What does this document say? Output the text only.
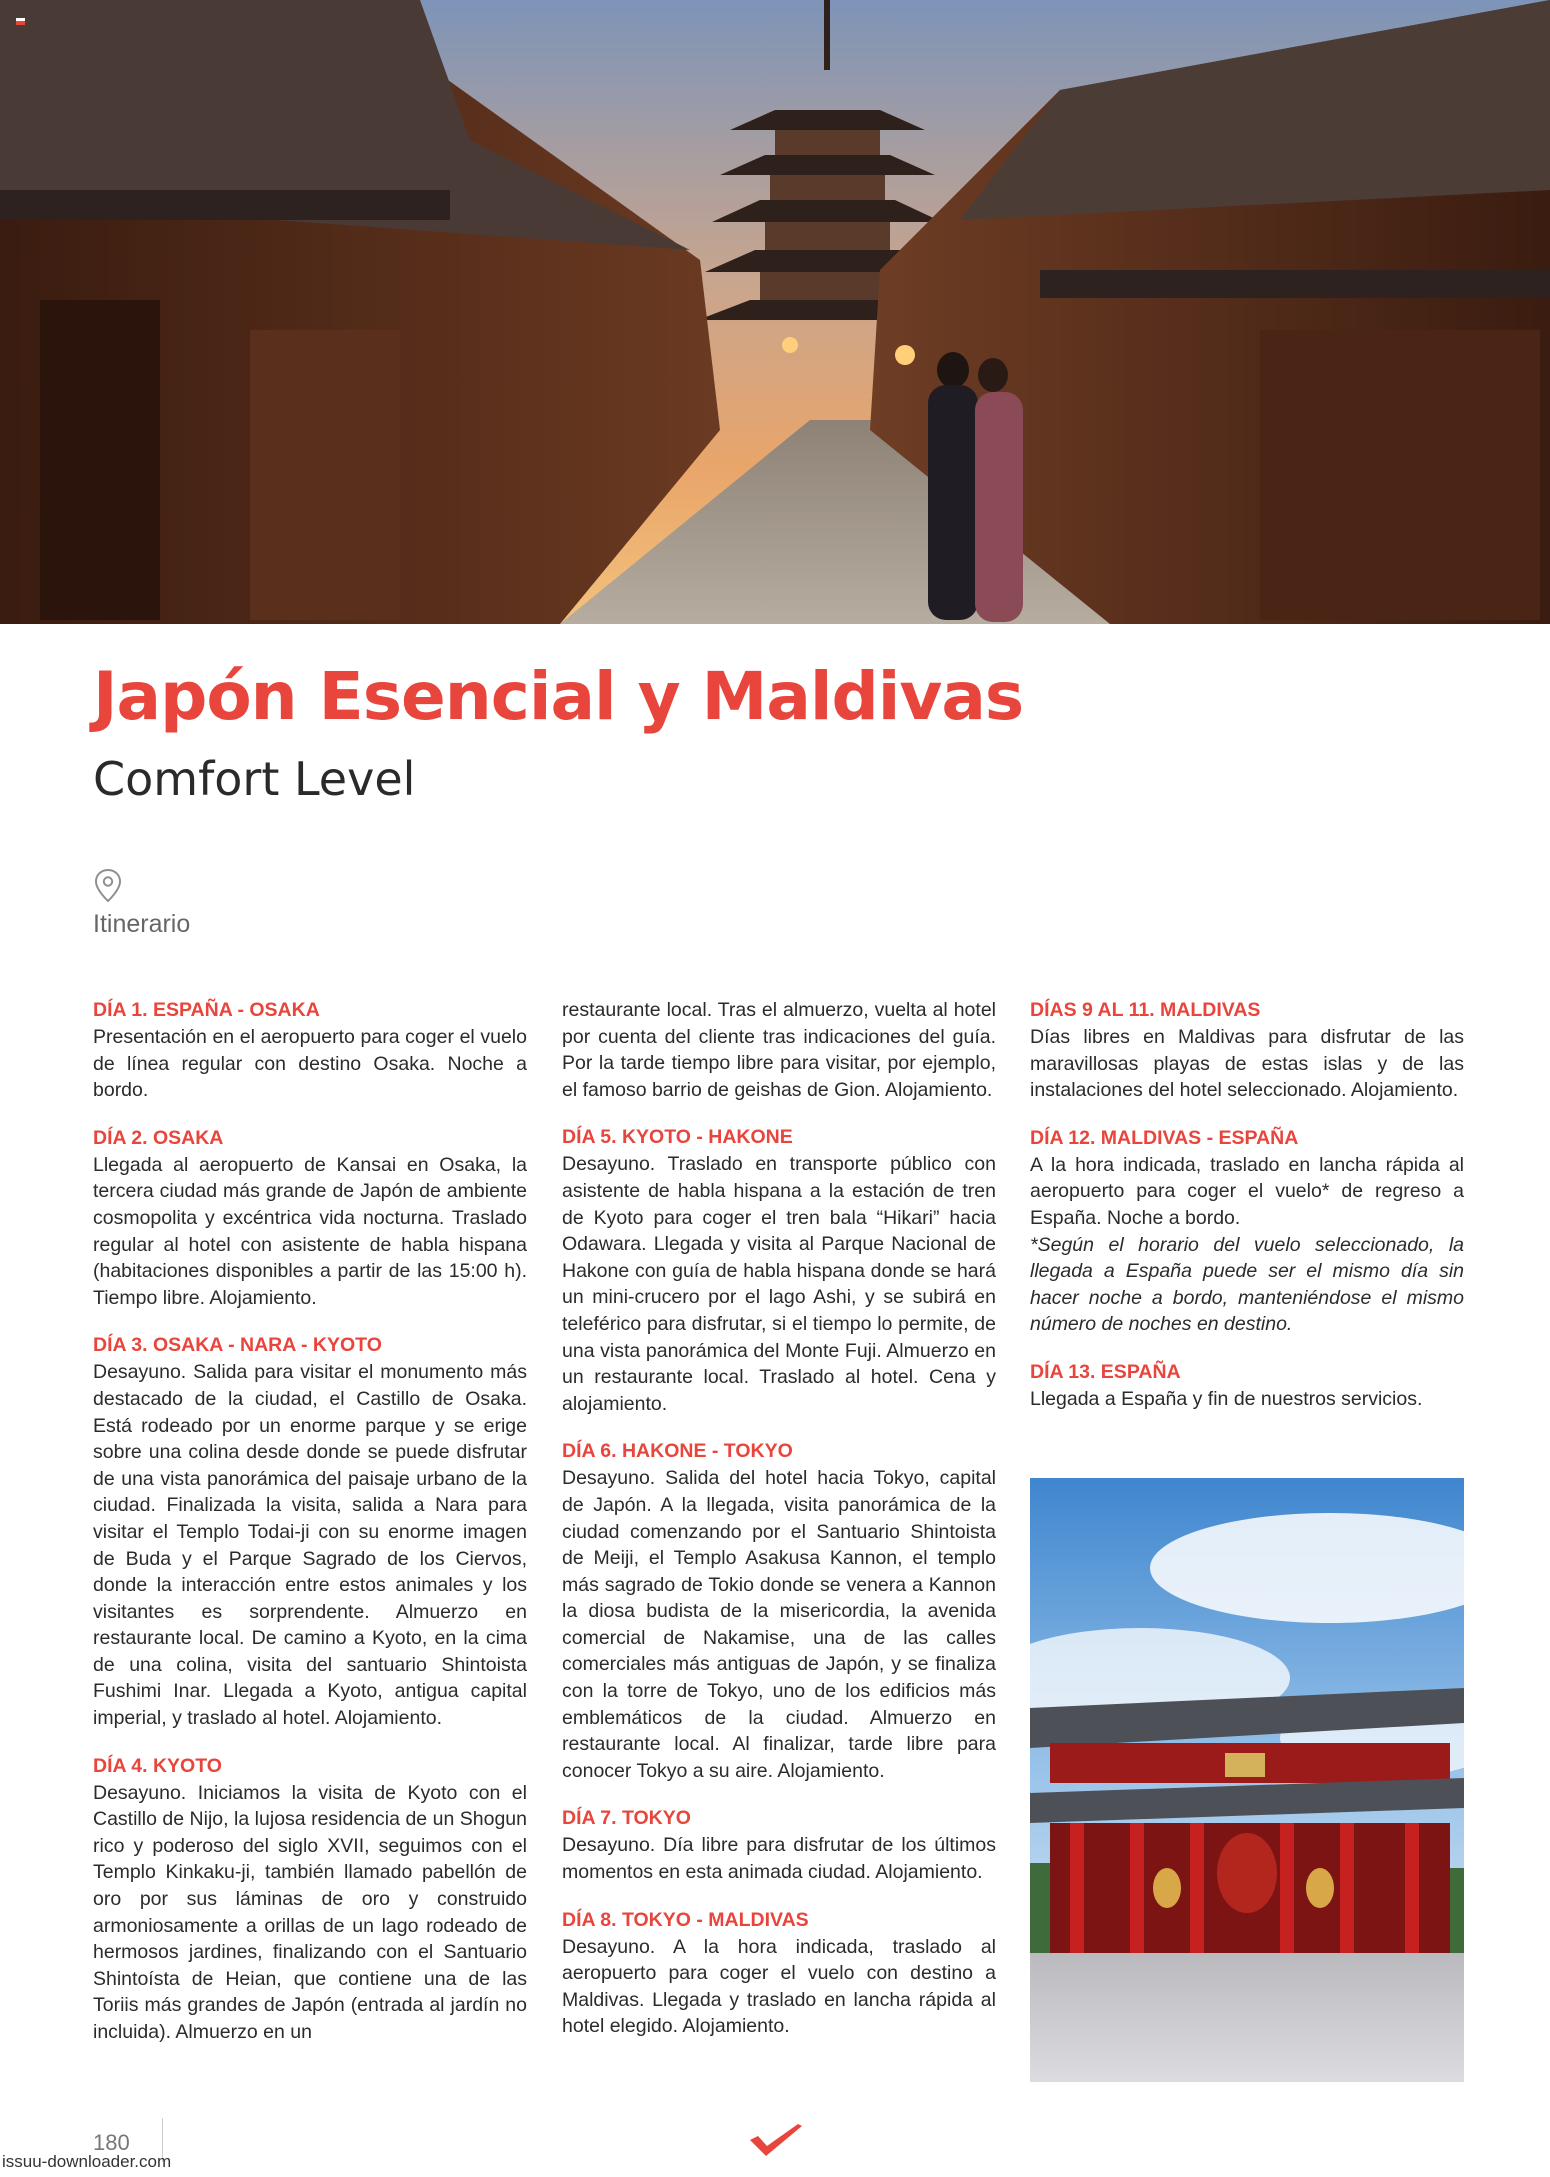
Japón Esencial y Maldivas
Comfort Level
Itinerario
DÍA 1. ESPAÑA - OSAKA
Presentación en el aeropuerto para coger el vuelo de línea regular con destino Osaka. Noche a bordo.
DÍA 2. OSAKA
Llegada al aeropuerto de Kansai en Osaka, la tercera ciudad más grande de Japón de ambiente cosmopolita y excéntrica vida nocturna. Traslado regular al hotel con asistente de habla hispana (habitaciones disponibles a partir de las 15:00 h). Tiempo libre. Alojamiento.
DÍA 3. OSAKA - NARA - KYOTO
Desayuno. Salida para visitar el monumento más destacado de la ciudad, el Castillo de Osaka. Está rodeado por un enorme parque y se erige sobre una colina desde donde se puede disfrutar de una vista panorámica del paisaje urbano de la ciudad. Finalizada la visita, salida a Nara para visitar el Templo Todai-ji con su enorme imagen de Buda y el Parque Sagrado de los Ciervos, donde la interacción entre estos animales y los visitantes es sorprendente. Almuerzo en restaurante local. De camino a Kyoto, en la cima de una colina, visita del santuario Shintoista Fushimi Inar. Llegada a Kyoto, antigua capital imperial, y traslado al hotel. Alojamiento.
DÍA 4. KYOTO
Desayuno. Iniciamos la visita de Kyoto con el Castillo de Nijo, la lujosa residencia de un Shogun rico y poderoso del siglo XVII, seguimos con el Templo Kinkaku-ji, también llamado pabellón de oro por sus láminas de oro y construido armoniosamente a orillas de un lago rodeado de hermosos jardines, finalizando con el Santuario Shintoísta de Heian, que contiene una de las Toriis más grandes de Japón (entrada al jardín no incluida). Almuerzo en un
restaurante local. Tras el almuerzo, vuelta al hotel por cuenta del cliente tras indicaciones del guía. Por la tarde tiempo libre para visitar, por ejemplo, el famoso barrio de geishas de Gion. Alojamiento.
DÍA 5. KYOTO - HAKONE
Desayuno. Traslado en transporte público con asistente de habla hispana a la estación de tren de Kyoto para coger el tren bala “Hikari” hacia Odawara. Llegada y visita al Parque Nacional de Hakone con guía de habla hispana donde se hará un mini-crucero por el lago Ashi, y se subirá en teleférico para disfrutar, si el tiempo lo permite, de una vista panorámica del Monte Fuji. Almuerzo en un restaurante local. Traslado al hotel. Cena y alojamiento.
DÍA 6. HAKONE - TOKYO
Desayuno. Salida del hotel hacia Tokyo, capital de Japón. A la llegada, visita panorámica de la ciudad comenzando por el Santuario Shintoista de Meiji, el Templo Asakusa Kannon, el templo más sagrado de Tokio donde se venera a Kannon la diosa budista de la misericordia, la avenida comercial de Nakamise, una de las calles comerciales más antiguas de Japón, y se finaliza con la torre de Tokyo, uno de los edificios más emblemáticos de la ciudad. Almuerzo en restaurante local. Al finalizar, tarde libre para conocer Tokyo a su aire. Alojamiento.
DÍA 7. TOKYO
Desayuno. Día libre para disfrutar de los últimos momentos en esta animada ciudad. Alojamiento.
DÍA 8. TOKYO - MALDIVAS
Desayuno. A la hora indicada, traslado al aeropuerto para coger el vuelo con destino a Maldivas. Llegada y traslado en lancha rápida al hotel elegido. Alojamiento.
DÍAS 9 AL 11. MALDIVAS
Días libres en Maldivas para disfrutar de las maravillosas playas de estas islas y de las instalaciones del hotel seleccionado. Alojamiento.
DÍA 12. MALDIVAS - ESPAÑA
A la hora indicada, traslado en lancha rápida al aeropuerto para coger el vuelo* de regreso a España. Noche a bordo.
*Según el horario del vuelo seleccionado, la llegada a España puede ser el mismo día sin hacer noche a bordo, manteniéndose el mismo número de noches en destino.
DÍA 13. ESPAÑA
Llegada a España y fin de nuestros servicios.
180
issuu-downloader.com
